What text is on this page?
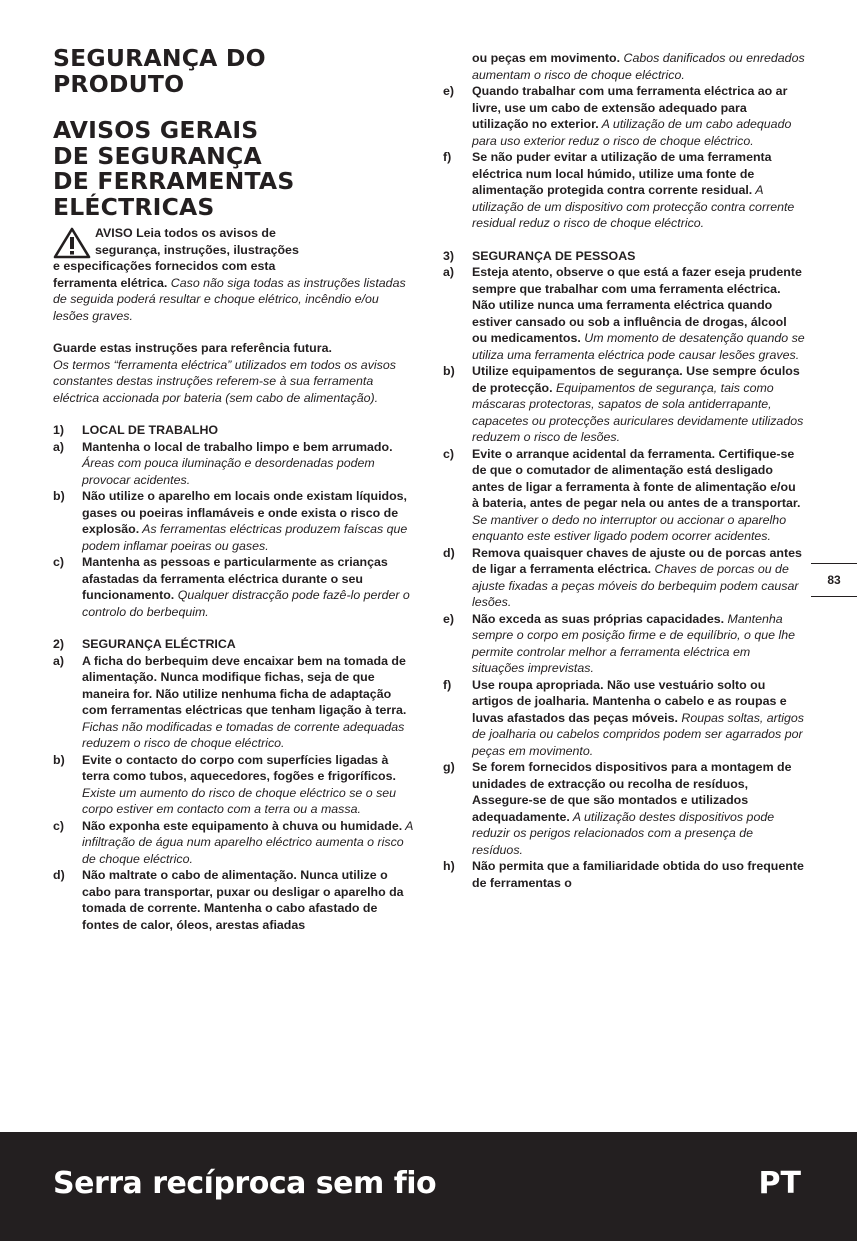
SEGURANÇA DO
PRODUTO
AVISOS GERAIS
DE SEGURANÇA
DE FERRAMENTAS
ELÉCTRICAS

AVISO Leia todos os avisos de

segurança, instruções, ilustrações

e especificações fornecidos com esta

ferramenta elétrica. Caso não siga todas as instruções listadas de seguida poderá resultar e choque elétrico, incêndio e/ou lesões graves.

Guarde estas instruções para referência futura.

Os termos “ferramenta eléctrica” utilizados em todos os avisos constantes destas instruções referem-se à sua ferramenta eléctrica accionada por bateria (sem cabo de alimentação).

1)	LOCAL DE TRABALHO
a)	Mantenha o local de trabalho limpo e bem arrumado. Áreas com pouca iluminação e desordenadas podem provocar acidentes.
b)	Não utilize o aparelho em locais onde existam líquidos, gases ou poeiras inflamáveis e onde exista o risco de explosão. As ferramentas eléctricas produzem faíscas que podem inflamar poeiras ou gases.
c)	Mantenha as pessoas e particularmente as crianças afastadas da ferramenta eléctrica durante o seu funcionamento. Qualquer distracção pode fazê-lo perder o controlo do berbequim.
2)	SEGURANÇA ELÉCTRICA
a)	A ficha do berbequim deve encaixar bem na tomada de alimentação. Nunca modifique fichas, seja de que maneira for. Não utilize nenhuma ficha de adaptação com ferramentas eléctricas que tenham ligação à terra. Fichas não modificadas e tomadas de corrente adequadas reduzem o risco de choque eléctrico.
b)	Evite o contacto do corpo com superfícies ligadas à terra como tubos, aquecedores, fogões e frigoríficos. Existe um aumento do risco de choque eléctrico se o seu corpo estiver em contacto com a terra ou a massa.
c)	Não exponha este equipamento à chuva ou humidade. A infiltração de água num aparelho eléctrico aumenta o risco de choque eléctrico.
d)	Não maltrate o cabo de alimentação. Nunca utilize o cabo para transportar, puxar ou desligar o aparelho da tomada de corrente. Mantenha o cabo afastado de fontes de calor, óleos, arestas afiadas

ou peças em movimento. Cabos danificados ou enredados aumentam o risco de choque eléctrico.

e)	Quando trabalhar com uma ferramenta eléctrica ao ar livre, use um cabo de extensão adequado para utilização no exterior. A utilização de um cabo adequado para uso exterior reduz o risco de choque eléctrico.
f)	Se não puder evitar a utilização de uma ferramenta eléctrica num local húmido, utilize uma fonte de alimentação protegida contra corrente residual. A utilização de um dispositivo com protecção contra corrente residual reduz o risco de choque eléctrico.
3)	SEGURANÇA DE PESSOAS
a)	Esteja atento, observe o que está a fazer eseja prudente sempre que trabalhar com uma ferramenta eléctrica. Não utilize nunca uma ferramenta eléctrica quando estiver cansado ou sob a influência de drogas, álcool ou medicamentos. Um momento de desatenção quando se utiliza uma ferramenta eléctrica pode causar lesões graves.
b)	Utilize equipamentos de segurança. Use sempre óculos de protecção. Equipamentos de segurança, tais como máscaras protectoras, sapatos de sola antiderrapante, capacetes ou protecções auriculares devidamente utilizados reduzem o risco de lesões.
c)	Evite o arranque acidental da ferramenta. Certifique-se de que o comutador de alimentação está desligado antes de ligar a ferramenta à fonte de alimentação e/ou à bateria, antes de pegar nela ou antes de a transportar. Se mantiver o dedo no interruptor ou accionar o aparelho enquanto este estiver ligado podem ocorrer acidentes.
d)	Remova quaisquer chaves de ajuste ou de porcas antes de ligar a ferramenta eléctrica. Chaves de porcas ou de ajuste fixadas a peças móveis do berbequim podem causar lesões.
e)	Não exceda as suas próprias capacidades. Mantenha sempre o corpo em posição firme e de equilíbrio, o que lhe permite controlar melhor a ferramenta eléctrica em situações imprevistas.
f)	Use roupa apropriada. Não use vestuário solto ou artigos de joalharia. Mantenha o cabelo e as roupas e luvas afastados das peças móveis. Roupas soltas, artigos de joalharia ou cabelos compridos podem ser agarrados por peças em movimento.
g)	Se forem fornecidos dispositivos para a montagem de unidades de extracção ou recolha de resíduos, Assegure-se de que são montados e utilizados adequadamente. A utilização destes dispositivos pode reduzir os perigos relacionados com a presença de resíduos.
h)	Não permita que a familiaridade obtida do uso frequente de ferramentas o
83
Serra recíproca sem fio	PT
